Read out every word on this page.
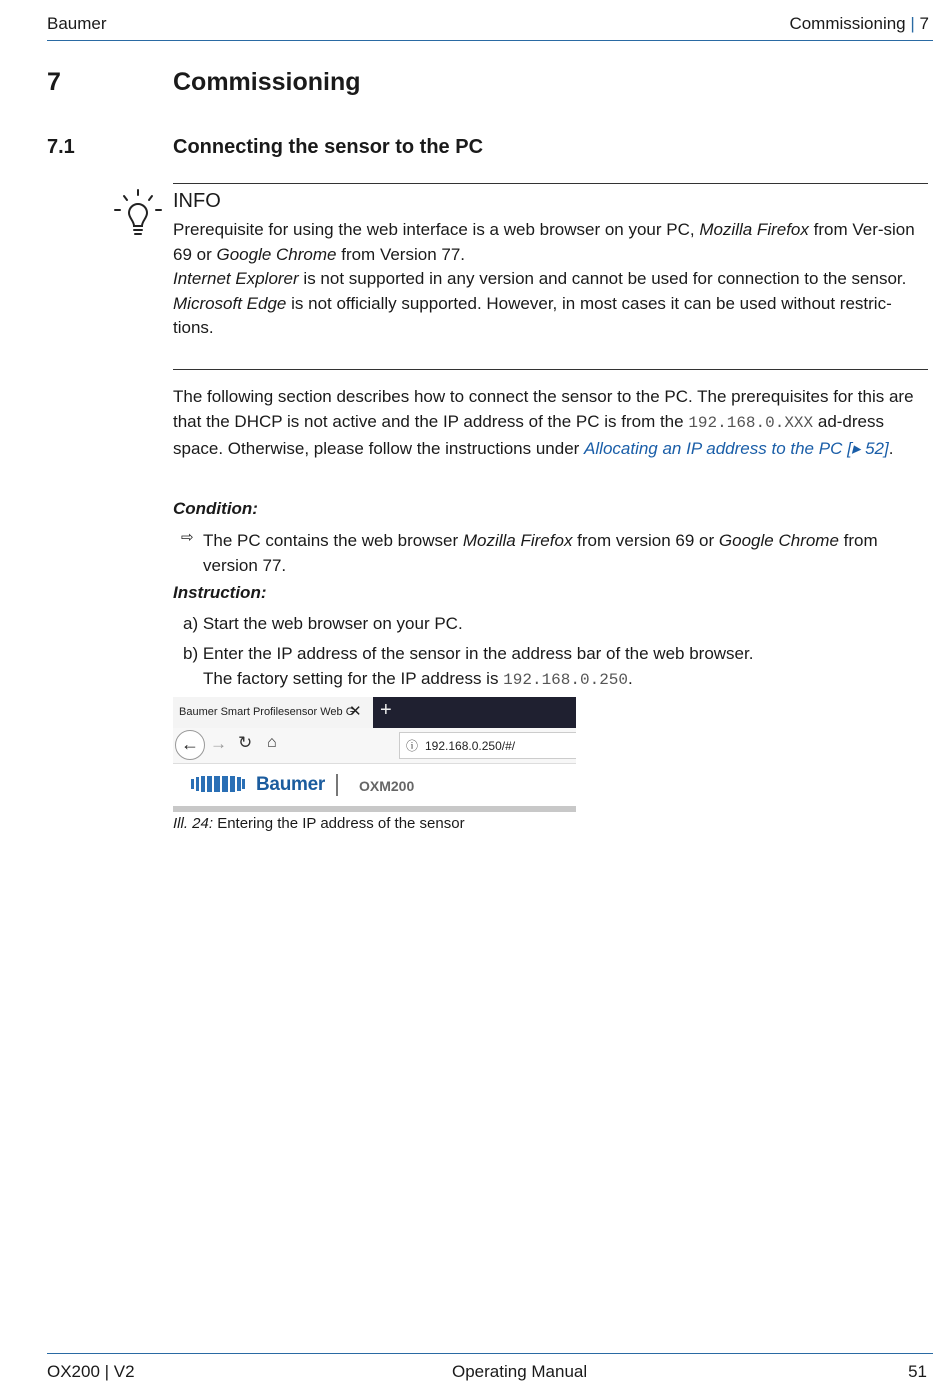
Baumer	Commissioning | 7
7	Commissioning
7.1	Connecting the sensor to the PC
INFO
Prerequisite for using the web interface is a web browser on your PC, Mozilla Firefox from Ver-sion 69 or Google Chrome from Version 77.
Internet Explorer is not supported in any version and cannot be used for connection to the sensor.
Microsoft Edge is not officially supported. However, in most cases it can be used without restric-tions.
The following section describes how to connect the sensor to the PC. The prerequisites for this are that the DHCP is not active and the IP address of the PC is from the 192.168.0.XXX ad-dress space. Otherwise, please follow the instructions under Allocating an IP address to the PC [▸ 52].
Condition:
⇨ The PC contains the web browser Mozilla Firefox from version 69 or Google Chrome from version 77.
Instruction:
a) Start the web browser on your PC.
b) Enter the IP address of the sensor in the address bar of the web browser.
The factory setting for the IP address is 192.168.0.250.
Baumer Smart Profilesensor Web G
✕ +
← → ↻ ⌂	ⓘ 192.168.0.250/#/
Baumer OXM200
Ill. 24: Entering the IP address of the sensor
OX200 | V2	Operating Manual	51
